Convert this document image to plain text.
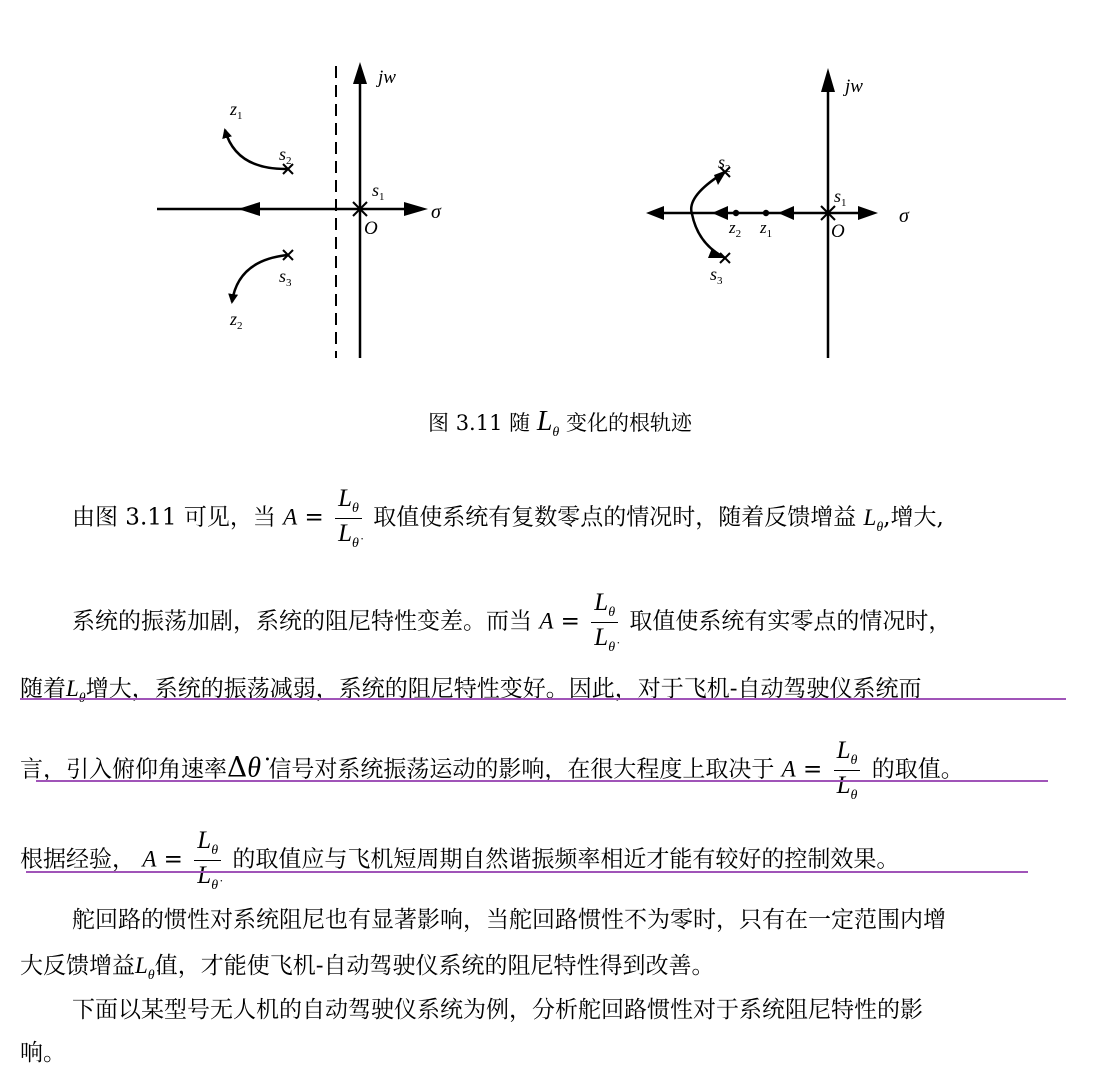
jw
σ
O
$s_1$
$s_2$
$s_3$
$z_1$
$z_2$
jw
σ
O
$s_1$
$s_2$
$s_3$
$z_2$ $z_1$
图 3.11 随 $L_\theta$ 变化的根轨迹
由图 3.11 可见，当 $A = \frac{L_\theta}{L_{\thetȧ}}$ 取值使系统有复数零点的情况时，随着反馈增益 $L_{\thetȧ}$,增大,
系统的振荡加剧，系统的阻尼特性变差。而当 $A = \frac{L_\theta}{L_{\thetȧ}}$ 取值使系统有实零点的情况时，
随着$L_\theta$增大，系统的振荡减弱，系统的阻尼特性变好。因此，对于飞机-自动驾驶仪系统而
言，引入俯仰角速率Δθ̇ 信号对系统振荡运动的影响，在很大程度上取决于 $A = \frac{L_\theta}{L_\theta}$ 的取值。
根据经验， $A = \frac{L_\theta}{L_{\thetȧ}}$ 的取值应与飞机短周期自然谐振频率相近才能有较好的控制效果。
舵回路的惯性对系统阻尼也有显著影响，当舵回路惯性不为零时，只有在一定范围内增
大反馈增益$L_{\thetȧ}$值，才能使飞机-自动驾驶仪系统的阻尼特性得到改善。
下面以某型号无人机的自动驾驶仪系统为例，分析舵回路惯性对于系统阻尼特性的影
响。
